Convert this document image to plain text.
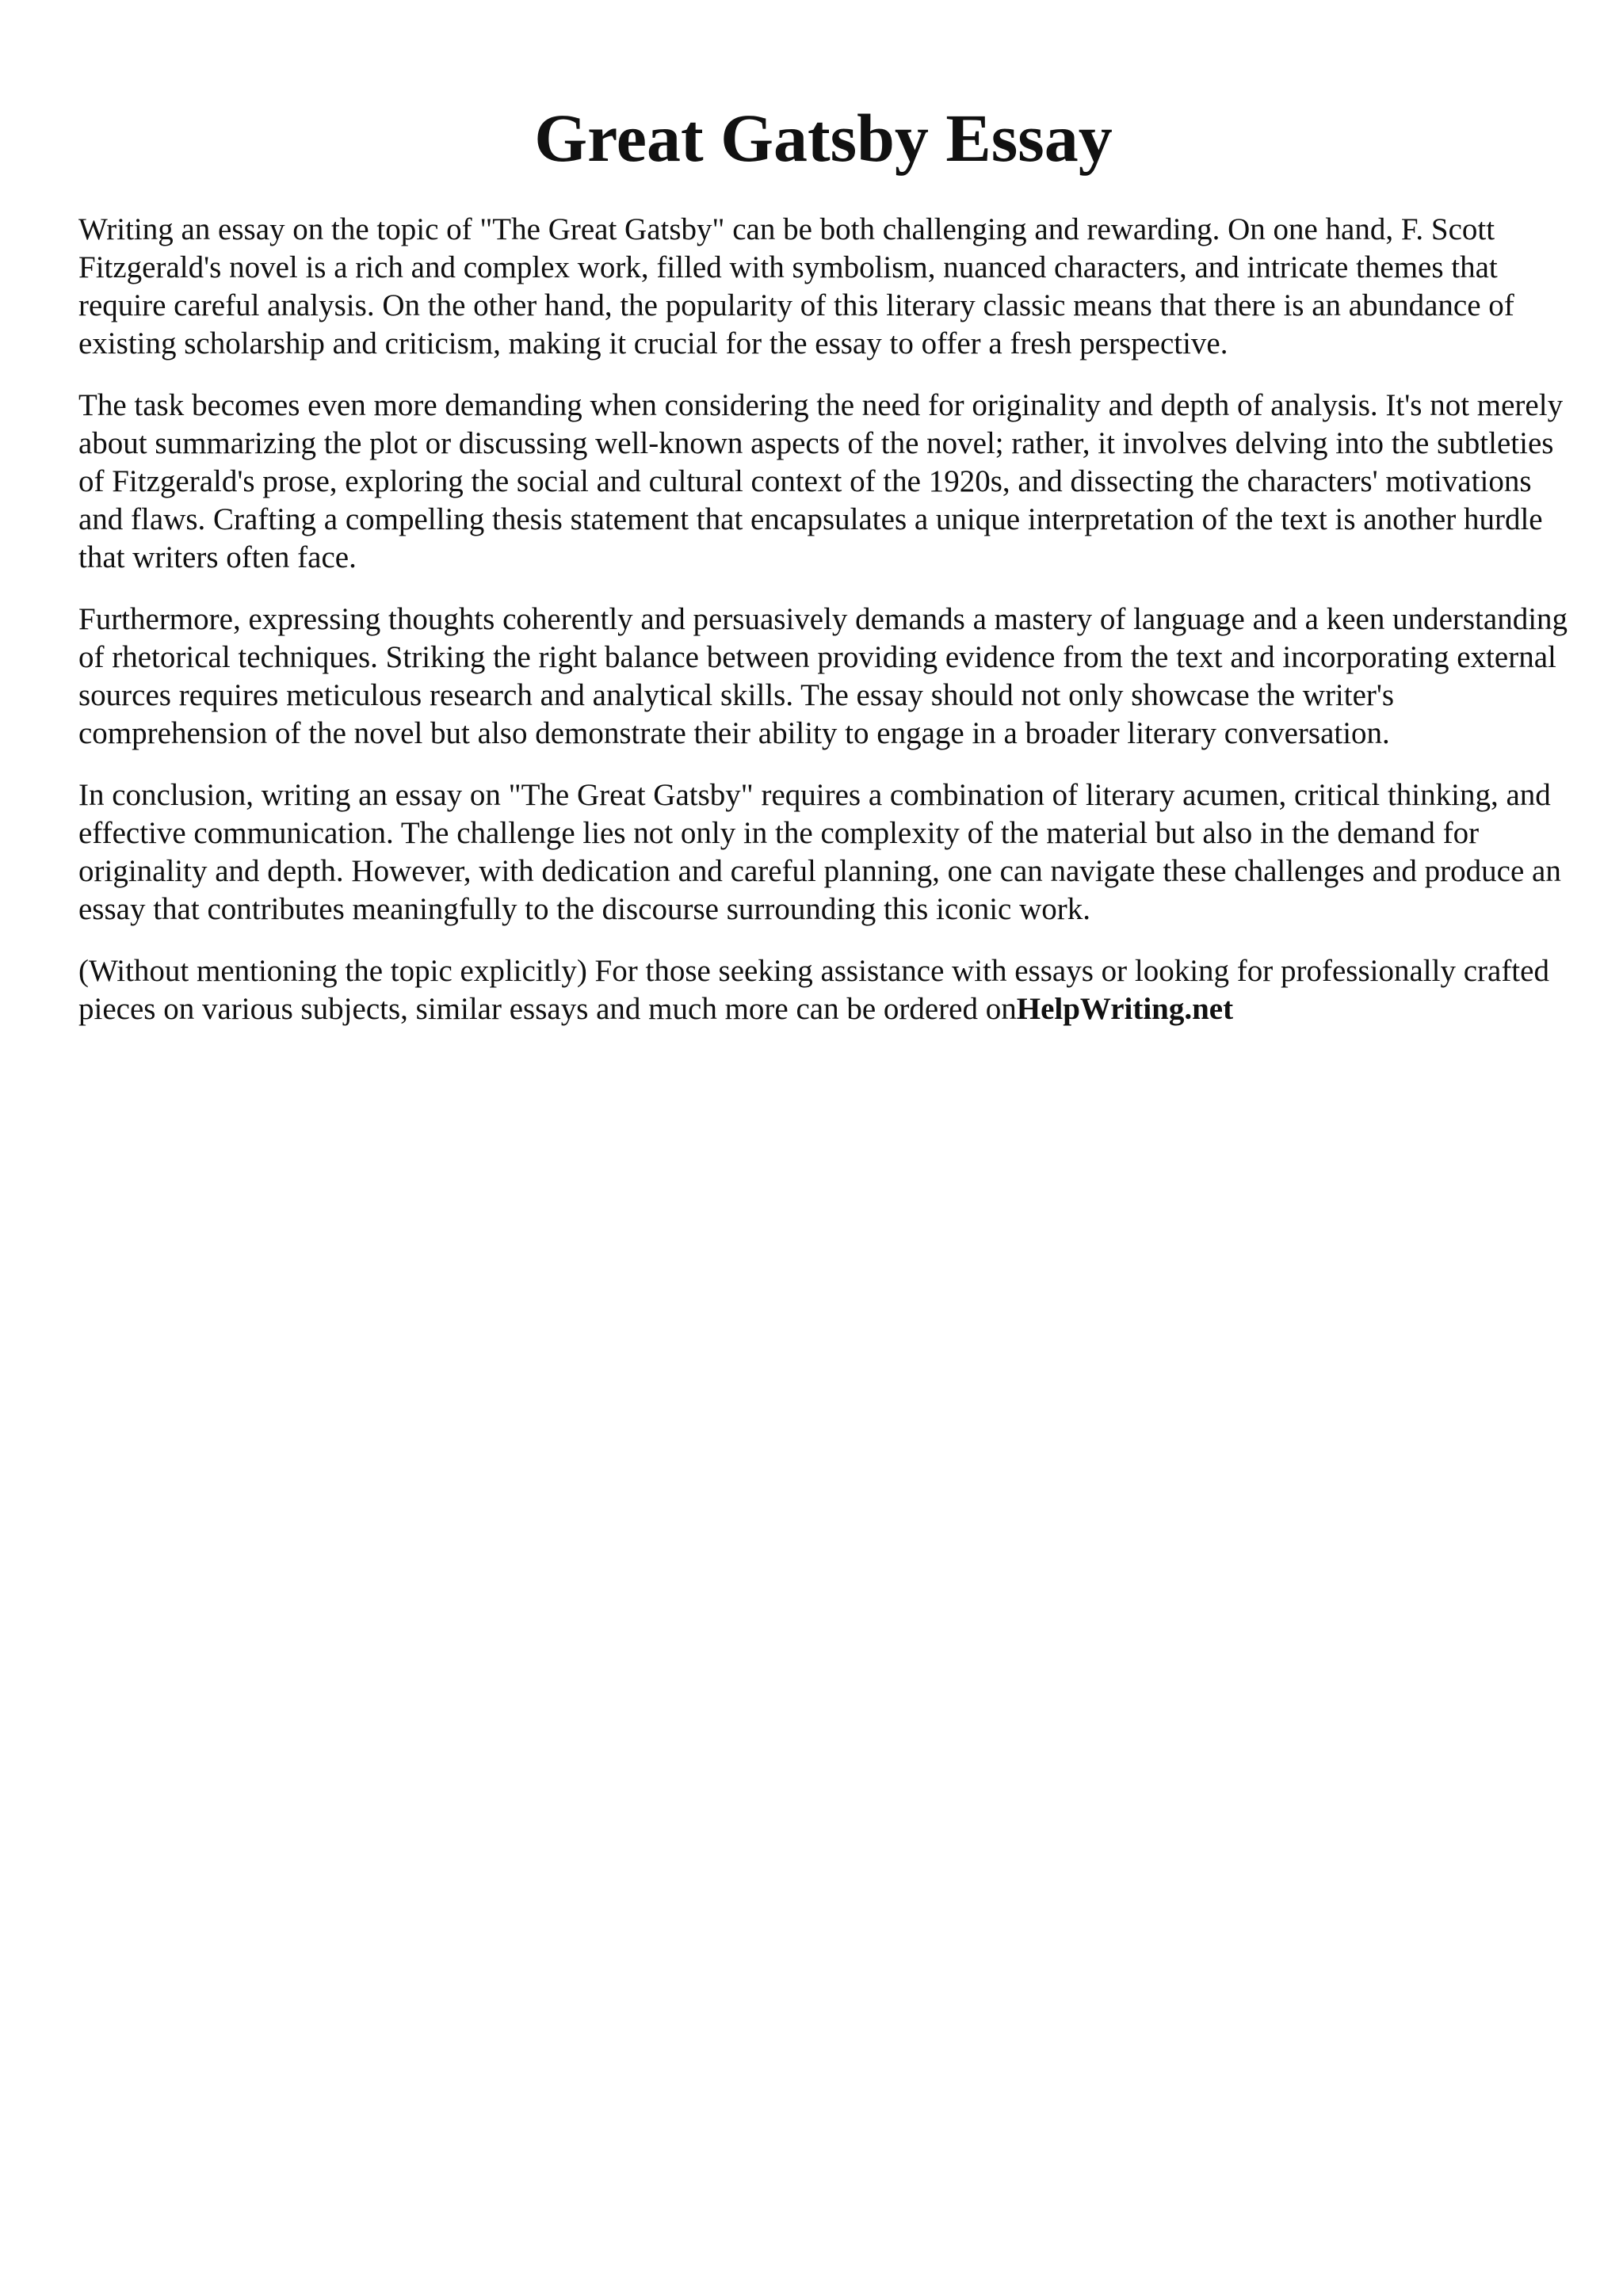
Great Gatsby Essay

Writing an essay on the topic of "The Great Gatsby" can be both challenging and rewarding. On one hand, F. Scott Fitzgerald's novel is a rich and complex work, filled with symbolism, nuanced characters, and intricate themes that require careful analysis. On the other hand, the popularity of this literary classic means that there is an abundance of existing scholarship and criticism, making it crucial for the essay to offer a fresh perspective.

The task becomes even more demanding when considering the need for originality and depth of analysis. It's not merely about summarizing the plot or discussing well-known aspects of the novel; rather, it involves delving into the subtleties of Fitzgerald's prose, exploring the social and cultural context of the 1920s, and dissecting the characters' motivations and flaws. Crafting a compelling thesis statement that encapsulates a unique interpretation of the text is another hurdle that writers often face.

Furthermore, expressing thoughts coherently and persuasively demands a mastery of language and a keen understanding of rhetorical techniques. Striking the right balance between providing evidence from the text and incorporating external sources requires meticulous research and analytical skills. The essay should not only showcase the writer's comprehension of the novel but also demonstrate their ability to engage in a broader literary conversation.

In conclusion, writing an essay on "The Great Gatsby" requires a combination of literary acumen, critical thinking, and effective communication. The challenge lies not only in the complexity of the material but also in the demand for originality and depth. However, with dedication and careful planning, one can navigate these challenges and produce an essay that contributes meaningfully to the discourse surrounding this iconic work.

(Without mentioning the topic explicitly) For those seeking assistance with essays or looking for professionally crafted pieces on various subjects, similar essays and much more can be ordered onHelpWriting.net
